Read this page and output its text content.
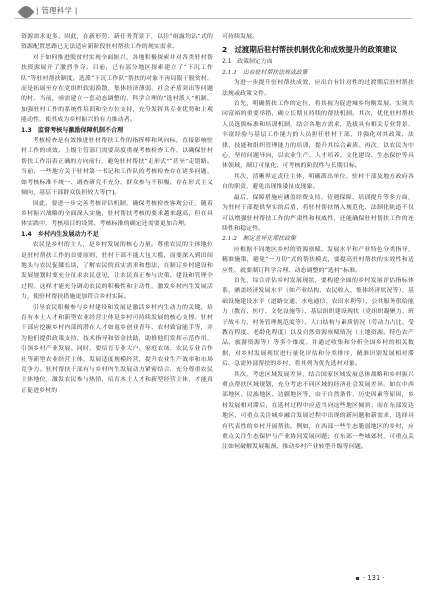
| 管理科学 |
资源需求更多。因此，在新形势、新任务背景下，以往“雨露均沾”式的资源配置思路已无法适应新阶段驻村帮扶工作的现实需求。
对于如何推进脱贫村实现全面振兴，各地积极探索并对各类驻村帮扶资源展开了激烈争夺。目前，已有部分地区探索建立了“下沉工作队”等驻村帮扶制度，选派“下沉工作队”帮扶的对象不再局限于脱贫村，而是拓展至存在党组织软弱涣散、集体经济薄弱、社会矛盾突出等问题的村。当前，亟需建立一套动态调整的、科学合理的“选村派人”机制，加强驻村工作的系统性培训和全方位支持，充分发挥其专业优势和主观能动性，使其成为乡村振兴的有力推动者。
1.3　监督考核与激励保障机制不合理
考核检查是有效推进驻村帮扶工作的指挥棒和风向标，直接影响驻村工作的成效。上级主管部门需要高度重视考核检查工作，以确保驻村帮扶工作沿着正确的方向前行，避免驻村帮扶“走形式”“甚至”走错路。当前，一些地方关于驻村第一书记和工作队的考核检查存在诸多问题，如考核标准不统一、调查研究不充分、群众参与不积极、存在形式主义倾向，基层干部群众负担较大等[7]。
因此，要进一步完善考核评估机制，确保考核检查客观公正。随着乡村振兴战略的全面深入实施，驻村帮扶考核的要求越来越高，但在具体实践中，考核项目的设置、考核标准的确定还需要更加合理。
1.4　乡村内生发展动力不足
农民是乡村的主人，是乡村发展的核心力量。尊重农民的主体地位是驻村帮扶工作的首要原则，驻村干部不能大包大揽，而要深入到田间地头与农民促膝长谈，了解农民的真实需求和想法，在制订乡村建设和发展规划时要充分征求农民意见，让农民真正参与决策、建设和管理全过程。这样才能充分调动农民的积极性和主动性，激发乡村内生发展活力，使驻村帮扶措施更加符合乡村实际。
引导农民积极参与乡村建设和发展是激活乡村内生动力的关键，培育有本土人才和新型农业经营主体是乡村可持续发展的核心支撑。驻村干部应挖掘乡村内部的潜在人才如返乡创业青年、农村致富能手等，并为他们提供政策支持、技术指导和资金扶助，助推他们发挥示范作用，引领乡村产业发展。同时，要培育专业大户、家庭农场、农民专业合作社等新型农业经营主体，发展适度规模经营，提升农业生产效率和市场竞争力。驻村帮扶干部有与乡村内生发展动力紧密结合，充分尊重农民主体地位，激发农民参与热情，培育本土人才和新型经营主体，才能真正促进乡村的
可持续发展。
2　过渡期后驻村帮扶机制优化和成效提升的政策建议
2.1　政策制定方面
2.1.1　出台驻村帮扶法规或政策
为进一步提升驻村帮扶成效，应出台有针对性的过渡期后驻村帮扶法规或政策文件。
首先，明确帮扶工作的定位，将其视为促进城乡均衡发展、实现共同富裕的重要举措，确立长期且持续的帮扶机制。其次，优化驻村帮扶人员选拔标准和培训机制，结合各地方需求，选拔具有相关专业背景、丰富经验与基层工作能力的人员担任驻村干部，并强化对其政策、法律、技能和组织管理能力的培训，提升其综合素质。再次，以农民为中心，坚持问题导向，以农业生产、人才培养、文化建设、生态保护等具体领域，制订可量化、可考核的阶段性与长期目标。
其次，清晰界定责任主体，明确派出单位、驻村干部及地方政府各自的职责，避免出现推诿扯皮现象。
最后，保障措施应涵盖经费支持、待遇保障、培训提升等多方面，为驻村干部提供坚实的后盾，将驻村帮扶纳入规范化、法制化轨道不仅可以增强驻村帮扶工作的严肃性和权威性，还能确保驻村帮扶工作的连续性和稳定性。
2.1.2　制定差异化帮扶政策
应根据不同地区乡村的资源禀赋、发展水平和产业特色分类指导，精准施策，避免“一刀切”式的帮扶模式，要提高驻村帮扶的实效性和适应性，就要制订科学合理、动态调整的“选村”标准。
首先，综合评估乡村发展现状，要构建全面的乡村发展评估指标体系，涵盖经济发展水平（如产业结构、农民收入、集体经济状况等）、基础设施建设水平（道路交通、水电通信、农田水利等）、公共服务供给能力（教育、医疗、文化设施等）、基层组织建设现状（党组织凝聚力、班子战斗力、村务管理规范度等）、人口结构与素质情况（劳动力占比、受教育程度、老龄化程度）以及自然资源禀赋情况（土地资源、特色农产品、旅游资源等）等多个维度。并通过收集和分析全国乡村的相关数据，对乡村发展现状进行量化评估和分类排序，精准识别发展相对滞后、急需外部帮扶的乡村，将其列为优先选村对象。
其次，考虑区域发展差异，结合国家区域发展总体战略和乡村振兴重点帮扶区域规划，充分考虑不同区域的经济社会发展差异。如在中西部地区、民族地区、边疆地区等，由于自然条件、历史因素等原因，乡村发展相对滞后，在选村过程中应适当向这些地区倾斜；而在东部发达地区，可重点关注城乡融合发展过程中出现的新问题和新需求，选择具有代表性的乡村开展帮扶。例如，在西部一些生态脆弱地区的乡村，应重点关注生态保护与产业协同发展问题；在东部一些城郊村，可重点关注如何破解发展瓶颈、推动乡村产业转型升级等问题。
· 131 ·
